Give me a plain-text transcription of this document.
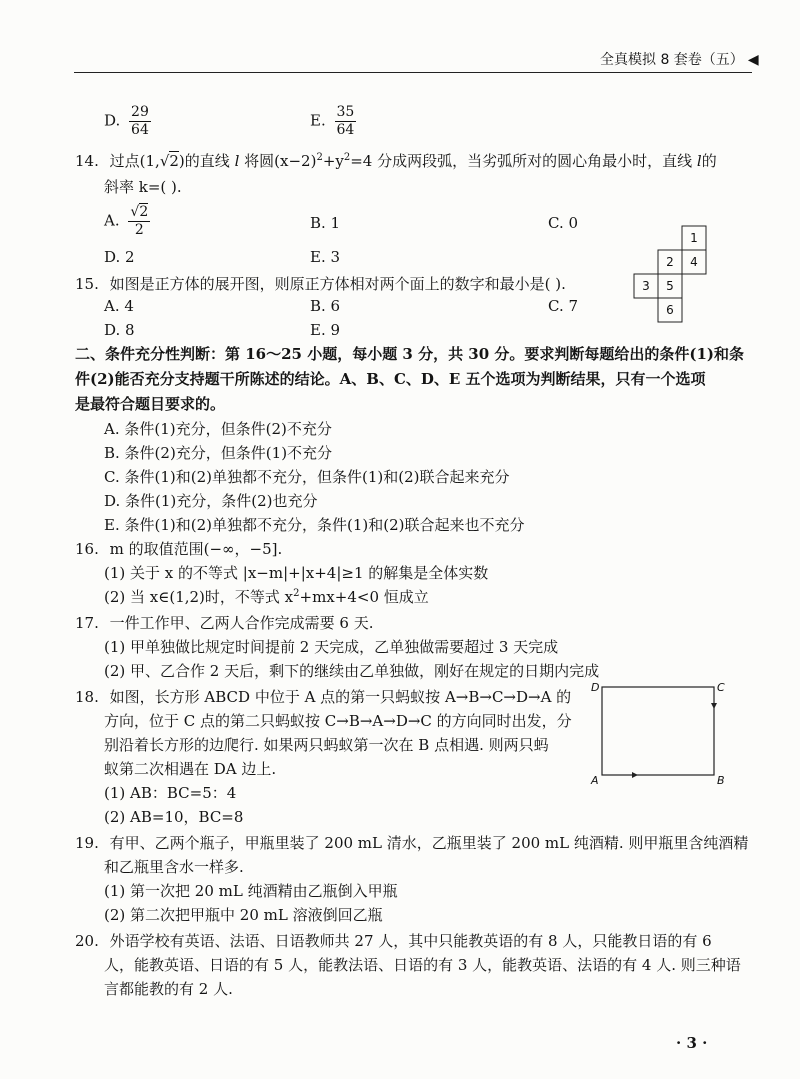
全真模拟 8 套卷（五） ◀
D. $\frac{29}{64}$	E. $\frac{35}{64}$
14. 过点(1,√2)的直线 l 将圆$(x-2)^2+y^2=4$ 分成两段弧，当劣弧所对的圆心角最小时，直线 l的
斜率 k=( ).
A. $\frac{√2}{2}$	B. 1	C. 0
D. 2	E. 3
15. 如图是正方体的展开图，则原正方体相对两个面上的数字和最小是( ).
A. 4	B. 6	C. 7
D. 8	E. 9
1
2 4
3 5
6
二、条件充分性判断：第 16～25 小题，每小题 3 分，共 30 分。要求判断每题给出的条件(1)和条
件(2)能否充分支持题干所陈述的结论。A、B、C、D、E 五个选项为判断结果，只有一个选项
是最符合题目要求的。
A. 条件(1)充分，但条件(2)不充分
B. 条件(2)充分，但条件(1)不充分
C. 条件(1)和(2)单独都不充分，但条件(1)和(2)联合起来充分
D. 条件(1)充分，条件(2)也充分
E. 条件(1)和(2)单独都不充分，条件(1)和(2)联合起来也不充分
16. m 的取值范围(−∞，−5].
(1) 关于 x 的不等式 |x−m|+|x+4|≥1 的解集是全体实数
(2) 当 x∈(1,2)时，不等式 $x^2+mx+4<0$ 恒成立
17. 一件工作甲、乙两人合作完成需要 6 天.
(1) 甲单独做比规定时间提前 2 天完成，乙单独做需要超过 3 天完成
(2) 甲、乙合作 2 天后，剩下的继续由乙单独做，刚好在规定的日期内完成
18. 如图，长方形 ABCD 中位于 A 点的第一只蚂蚁按 A→B→C→D→A 的
方向，位于 C 点的第二只蚂蚁按 C→B→A→D→C 的方向同时出发，分
别沿着长方形的边爬行. 如果两只蚂蚁第一次在 B 点相遇. 则两只蚂
蚁第二次相遇在 DA 边上.
(1) AB：BC=5：4
(2) AB=10，BC=8
D	C
A	B
19. 有甲、乙两个瓶子，甲瓶里装了 200 mL 清水，乙瓶里装了 200 mL 纯酒精. 则甲瓶里含纯酒精
和乙瓶里含水一样多.
(1) 第一次把 20 mL 纯酒精由乙瓶倒入甲瓶
(2) 第二次把甲瓶中 20 mL 溶液倒回乙瓶
20. 外语学校有英语、法语、日语教师共 27 人，其中只能教英语的有 8 人，只能教日语的有 6
人，能教英语、日语的有 5 人，能教法语、日语的有 3 人，能教英语、法语的有 4 人. 则三种语
言都能教的有 2 人.
· 3 ·
